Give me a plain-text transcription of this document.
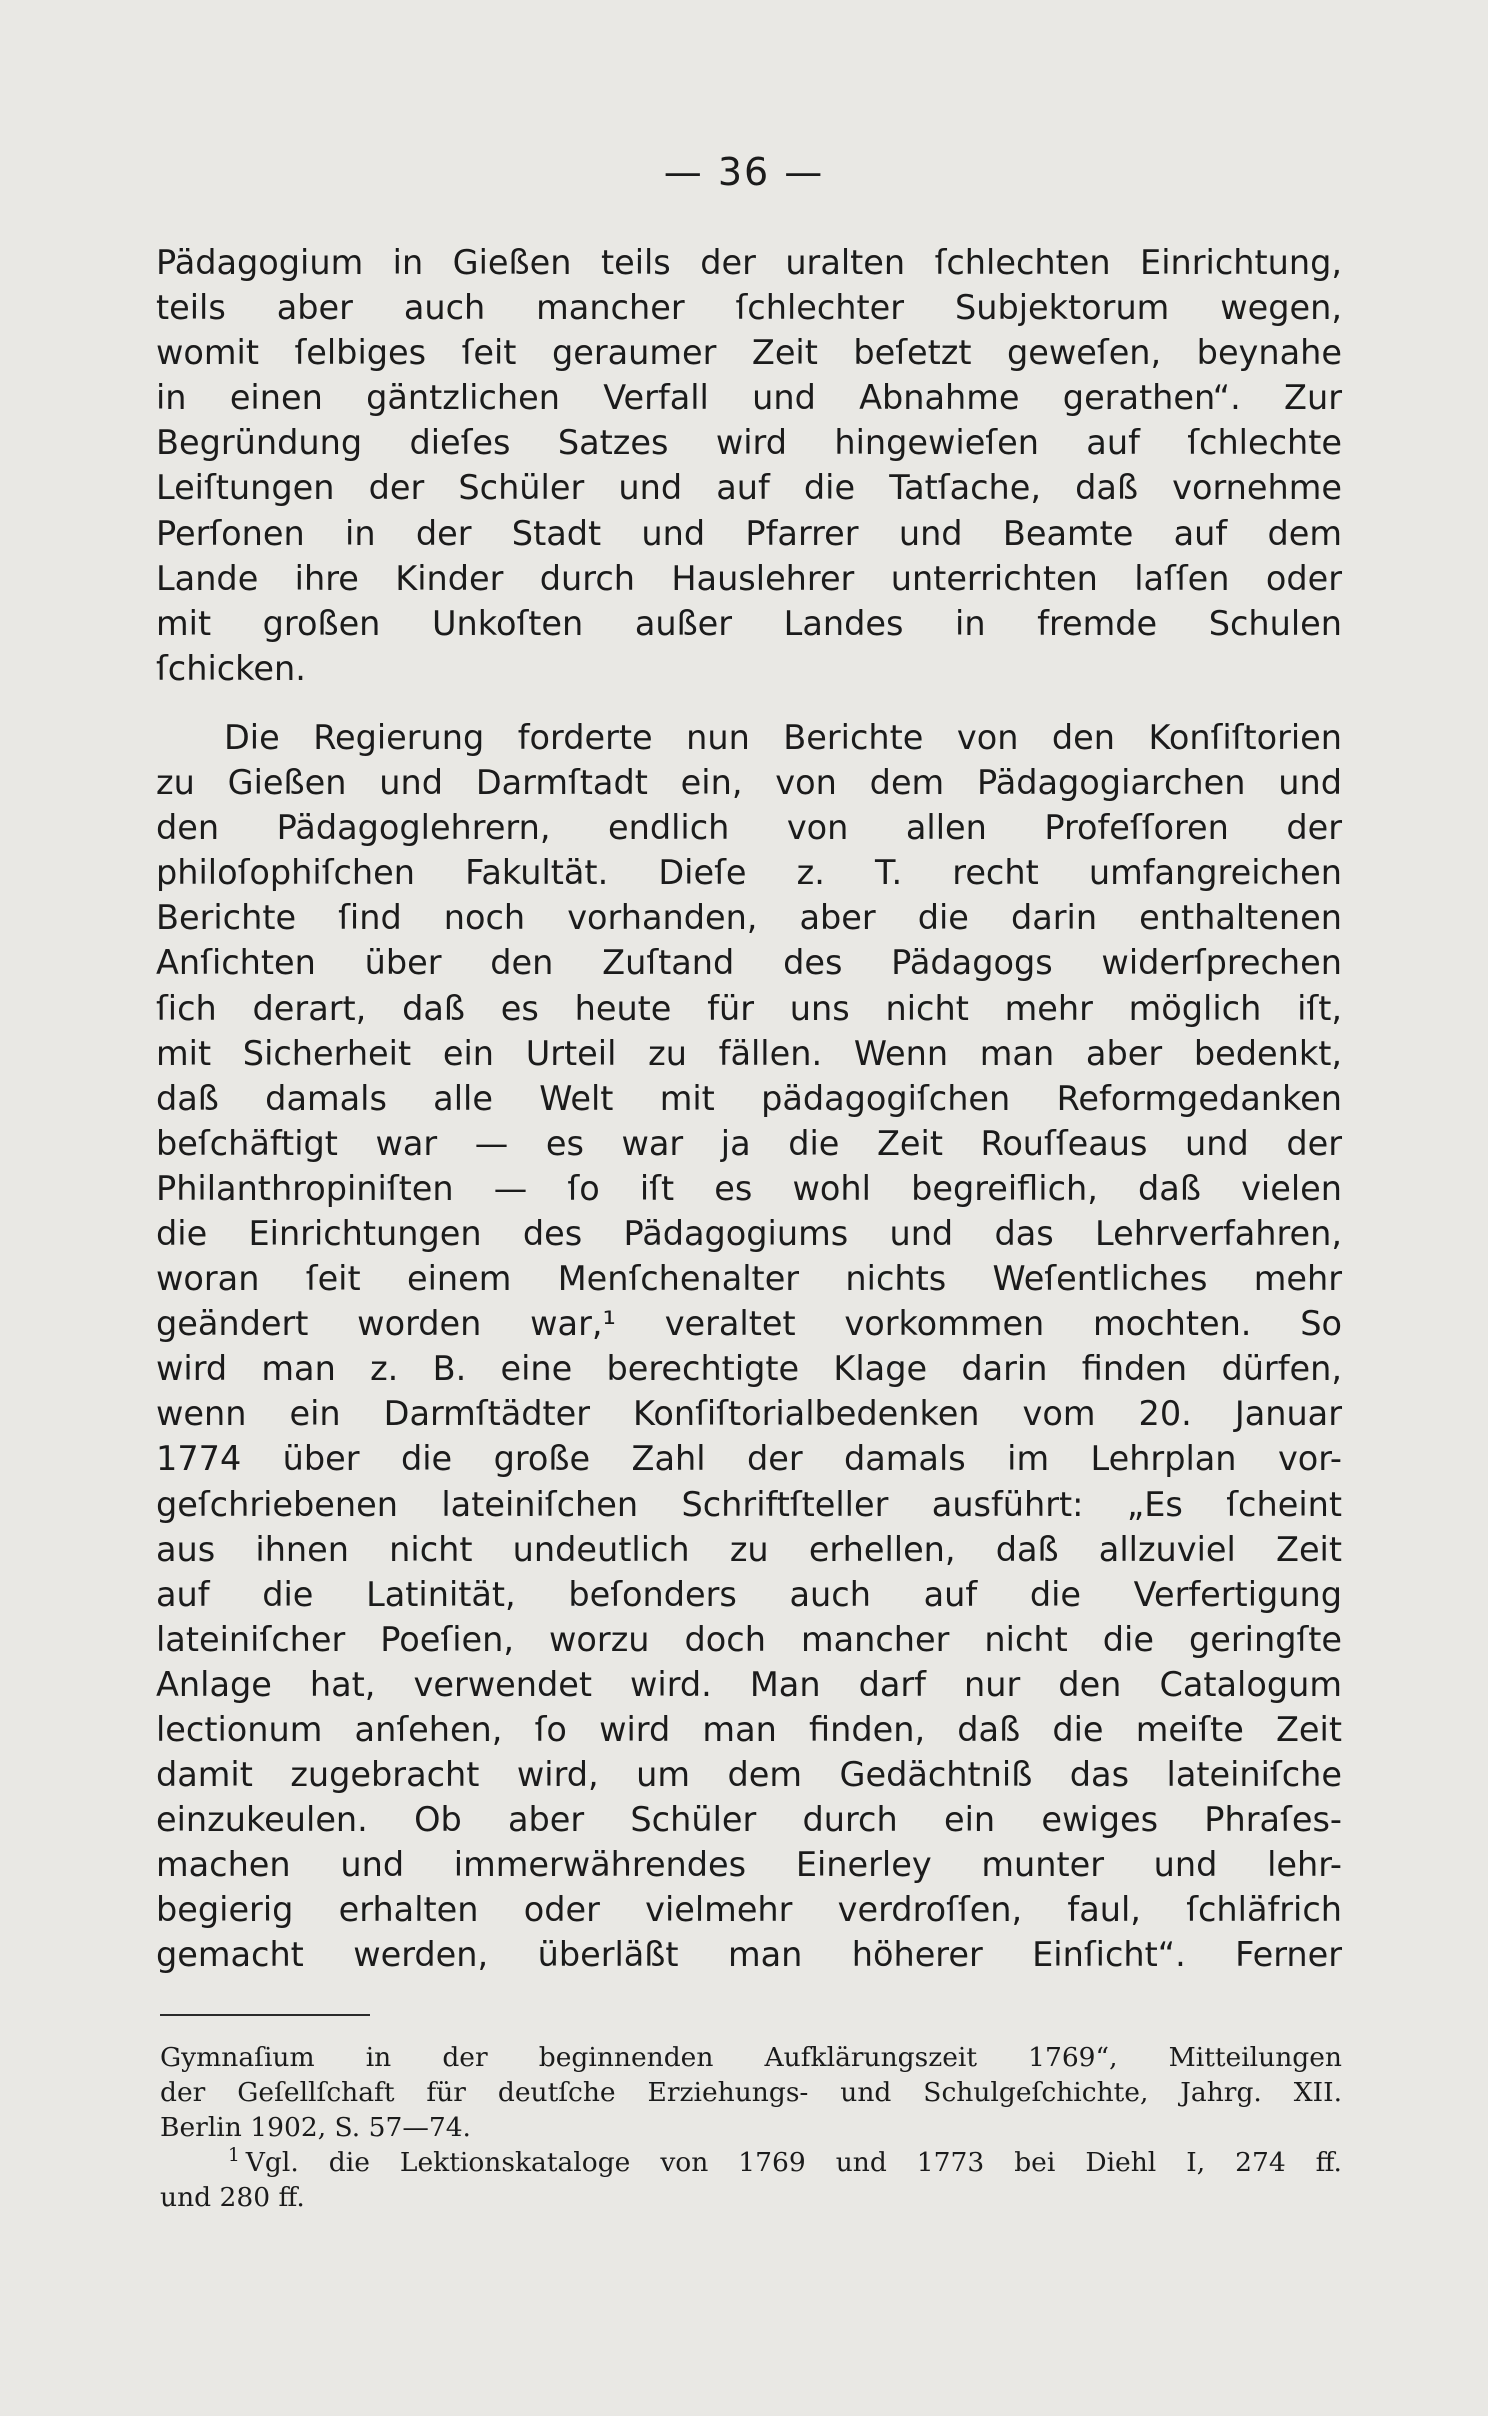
— 36 —
Pädagogium in Gießen teils der uralten ſchlechten Einrichtung,
teils aber auch mancher ſchlechter Subjektorum wegen,
womit ſelbiges ſeit geraumer Zeit beſetzt geweſen, beynahe
in einen gäntzlichen Verfall und Abnahme gerathen“. Zur
Begründung dieſes Satzes wird hingewieſen auf ſchlechte
Leiſtungen der Schüler und auf die Tatſache, daß vornehme
Perſonen in der Stadt und Pfarrer und Beamte auf dem
Lande ihre Kinder durch Hauslehrer unterrichten laſſen oder
mit großen Unkoſten außer Landes in fremde Schulen
ſchicken.
Die Regierung forderte nun Berichte von den Konſiſtorien
zu Gießen und Darmſtadt ein, von dem Pädagogiarchen und
den Pädagoglehrern, endlich von allen Profeſſoren der
philoſophiſchen Fakultät. Dieſe z. T. recht umfangreichen
Berichte ſind noch vorhanden, aber die darin enthaltenen
Anſichten über den Zuſtand des Pädagogs widerſprechen
ſich derart, daß es heute für uns nicht mehr möglich iſt,
mit Sicherheit ein Urteil zu fällen. Wenn man aber bedenkt,
daß damals alle Welt mit pädagogiſchen Reformgedanken
beſchäftigt war — es war ja die Zeit Rouſſeaus und der
Philanthropiniſten — ſo iſt es wohl begreiflich, daß vielen
die Einrichtungen des Pädagogiums und das Lehrverfahren,
woran ſeit einem Menſchenalter nichts Weſentliches mehr
geändert worden war,¹ veraltet vorkommen mochten. So
wird man z. B. eine berechtigte Klage darin finden dürfen,
wenn ein Darmſtädter Konſiſtorialbedenken vom 20. Januar
1774 über die große Zahl der damals im Lehrplan vor-
geſchriebenen lateiniſchen Schriftſteller ausführt: „Es ſcheint
aus ihnen nicht undeutlich zu erhellen, daß allzuviel Zeit
auf die Latinität, beſonders auch auf die Verfertigung
lateiniſcher Poeſien, worzu doch mancher nicht die geringſte
Anlage hat, verwendet wird. Man darf nur den Catalogum
lectionum anſehen, ſo wird man finden, daß die meiſte Zeit
damit zugebracht wird, um dem Gedächtniß das lateiniſche
einzukeulen. Ob aber Schüler durch ein ewiges Phraſes-
machen und immerwährendes Einerley munter und lehr-
begierig erhalten oder vielmehr verdroſſen, faul, ſchläfrich
gemacht werden, überläßt man höherer Einſicht“. Ferner
Gymnaſium in der beginnenden Aufklärungszeit 1769“, Mitteilungen
der Geſellſchaft für deutſche Erziehungs- und Schulgeſchichte, Jahrg. XII.
Berlin 1902, S. 57—74.
$^1$ Vgl. die Lektionskataloge von 1769 und 1773 bei Diehl I, 274 ff.
und 280 ff.
